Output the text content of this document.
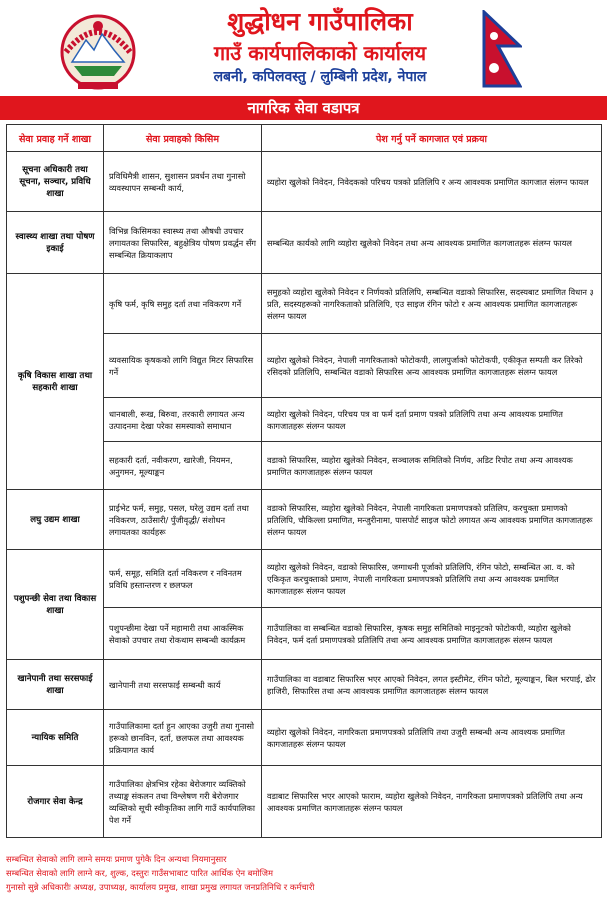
शुद्धोधन गाउँपालिका
गाउँ कार्यपालिकाको कार्यालय
लबनी, कपिलवस्तु / लुम्बिनी प्रदेश, नेपाल
नागरिक सेवा वडापत्र
सेवा प्रवाह गर्ने शाखा	सेवा प्रवाहको किसिम	पेश गर्नु पर्ने कागजात एवं प्रक्रया
सूचना अधिकारी तथा सूचना, सञ्चार, प्रविधि शाखा	प्रविधिमैत्री शासन, सुशासन प्रवर्धन तथा गुनासो व्यवस्थापन सम्बन्धी कार्य,	व्यहोरा खुलेको निवेदन, निवेदकको परिचय पत्रको प्रतिलिपि र अन्य आवश्यक प्रमाणित कागजात संलग्न फायल
स्वास्थ्य शाखा तथा पोषण इकाई	विभिन्न किसिमका स्वास्थ्य तथा औषधी उपचार लगायतका सिफारिस, बहुक्षेत्रिय पोषण प्रवर्द्धन सँग सम्बन्धित क्रियाकलाप	सम्बन्धित कार्यको लागि व्यहोरा खुलेको निवेदन तथा अन्य आवश्यक प्रमाणित कागजातहरू संलग्न फायल
कृषि विकास शाखा तथा सहकारी शाखा	कृषि फर्म, कृषि समुह दर्ता तथा नविकरण गर्ने	समुहको व्यहोरा खुलेको निवेदन र निर्णयको प्रतिलिपि, सम्बन्धित वडाको सिफारिस, सदस्यबाट प्रमाणित विधान ३ प्रति, सदस्यहरूको नागरिकताको प्रतिलिपि, एउ साइज रंगिन फोटो र अन्य आवश्यक प्रमाणित कागजातहरू संलग्न फायल
	व्यवसायिक कृषकको लागि विद्युत मिटर सिफारिस गर्ने	व्यहोरा खुलेको निवेदन, नेपाली नागरिकताको फोटोकपी, लालपुर्जाको फोटोकपी, एकीकृत सम्पती कर तिरेको रसिदको प्रतिलिपि, सम्बन्धित वडाको सिफारिस अन्य आवश्यक प्रमाणित कागजातहरू संलग्न फायल
	धानबाली, रूख, बिरुवा, तरकारी लगायत अन्य उत्पादनमा देखा परेका समस्याको समाधान	व्यहोरा खुलेको निवेदन, परिचय पत्र वा फर्म दर्ता प्रमाण पत्रको प्रतिलिपि तथा अन्य आवश्यक प्रमाणित कागजातहरू संलग्न फायल
	सहकारी दर्ता, नवीकरण, खारेजी, नियमन, अनुगमन, मूल्याङ्कन	वडाको सिफारिस, व्यहोरा खुलेको निवेदन, सञ्चालक समितिको निर्णय, अडिट रिपोट तथा अन्य आवश्यक प्रमाणित कागजातहरू संलग्न फायल
लघु उद्यम शाखा	प्राईभेट फर्म, समुह, पसल, घरेलु उद्यम दर्ता तथा नविकरण, ठाउँसारी/ पुँजीवृद्धी/ संशोधन लगायतका कार्यहरू	वडाको सिफारिस, व्यहोरा खुलेको निवेदन, नेपाली नागरिकता प्रमाणपत्रको प्रतिलिप, करचुक्ता प्रमाणको प्रतिलिपि, चौकिल्ला प्रमाणित, मन्जुरीनामा, पासपोर्ट साइज फोटो लगायत अन्य आवश्यक प्रमाणित कागजातहरू संलग्न फायल
पशुपन्छी सेवा तथा विकास शाखा	फर्म, समूह, समिति दर्ता नविकरण र नविनतम प्रविधि हस्तान्तरण र छलफल	व्यहोरा खुलेको निवेदन, वडाको सिफारिस, जग्गाधनी पूर्जाको प्रतिलिपि, रंगिन फोटो, सम्बन्धित आ. व. को एकिकृत करचुक्ताको प्रमाण, नेपाली नागरिकता प्रमाणपत्रको प्रतिलिपि तथा अन्य आवश्यक प्रमाणित कागजातहरू संलग्न फायल
	पशुपन्छीमा देखा पर्ने महामारी तथा आकस्मिक सेवाको उपचार तथा रोकथाम सम्बन्धी कार्यक्रम	गाउँपालिका वा सम्बन्धित वडाको सिफारिस, कृषक समुह समितिको माइनुटको फोटोकपी, व्यहोरा खुलेको निवेदन, फर्म दर्ता प्रमाणपत्रको प्रतिलिपि तथा अन्य आवश्यक प्रमाणित कागजातहरू संलग्न फायल
खानेपानी तथा सरसफाई शाखा	खानेपानी तथा सरसफाई सम्बन्धी कार्य	गाउँपालिका वा वडाबाट सिफारिस भएर आएको निवेदन, लगत इस्टीमेट, रंगिन फोटो, मूल्याङ्कन, बिल भरपाई, ढोर हाजिरी, सिफारिस तथा अन्य आवश्यक प्रमाणित कागजातहरू संलग्न फायल
न्यायिक समिति	गाउँपालिकामा दर्ता हुन आएका उजुरी तथा गुनासो हरूको छानविन, दर्ता, छलफल तथा आवश्यक प्रक्रियागत कार्य	व्यहोरा खुलेको निवेदन, नागरिकता प्रमाणपत्रको प्रतिलिपि तथा उजुरी सम्बन्धी अन्य आवश्यक प्रमाणित कागजातहरू संलग्न फायल
रोजगार सेवा केन्द्र	गाउँपालिका क्षेत्रभित्र रहेका बेरोजगार व्यक्तिको तथ्याङ्क संकलन तथा विश्लेषण गरी बेरोजगार व्यक्तिको सूची स्वीकृतिका लागि गाउँ कार्यपालिका पेश गर्ने	वडाबाट सिफारिस भएर आएको फाराम, व्यहोरा खुलेको निवेदन, नागरिकता प्रमाणपत्रको प्रतिलिपि तथा अन्य आवश्यक प्रमाणित कागजातहरू संलग्न फायल
सम्बन्धित सेवाको लागि लाग्ने समयः प्रमाण पुगेकै दिन अन्यथा नियमानुसार
सम्बन्धित सेवाको लागि लाग्ने कर, शुल्क, दस्तुरः गाउँसभाबाट पारित आर्थिक ऐन बमोजिम
गुनासो सुन्ने अधिकारीः अध्यक्ष, उपाध्यक्ष, कार्यालय प्रमुख, शाखा प्रमुख लगायत जनप्रतिनिधि र कर्मचारी
